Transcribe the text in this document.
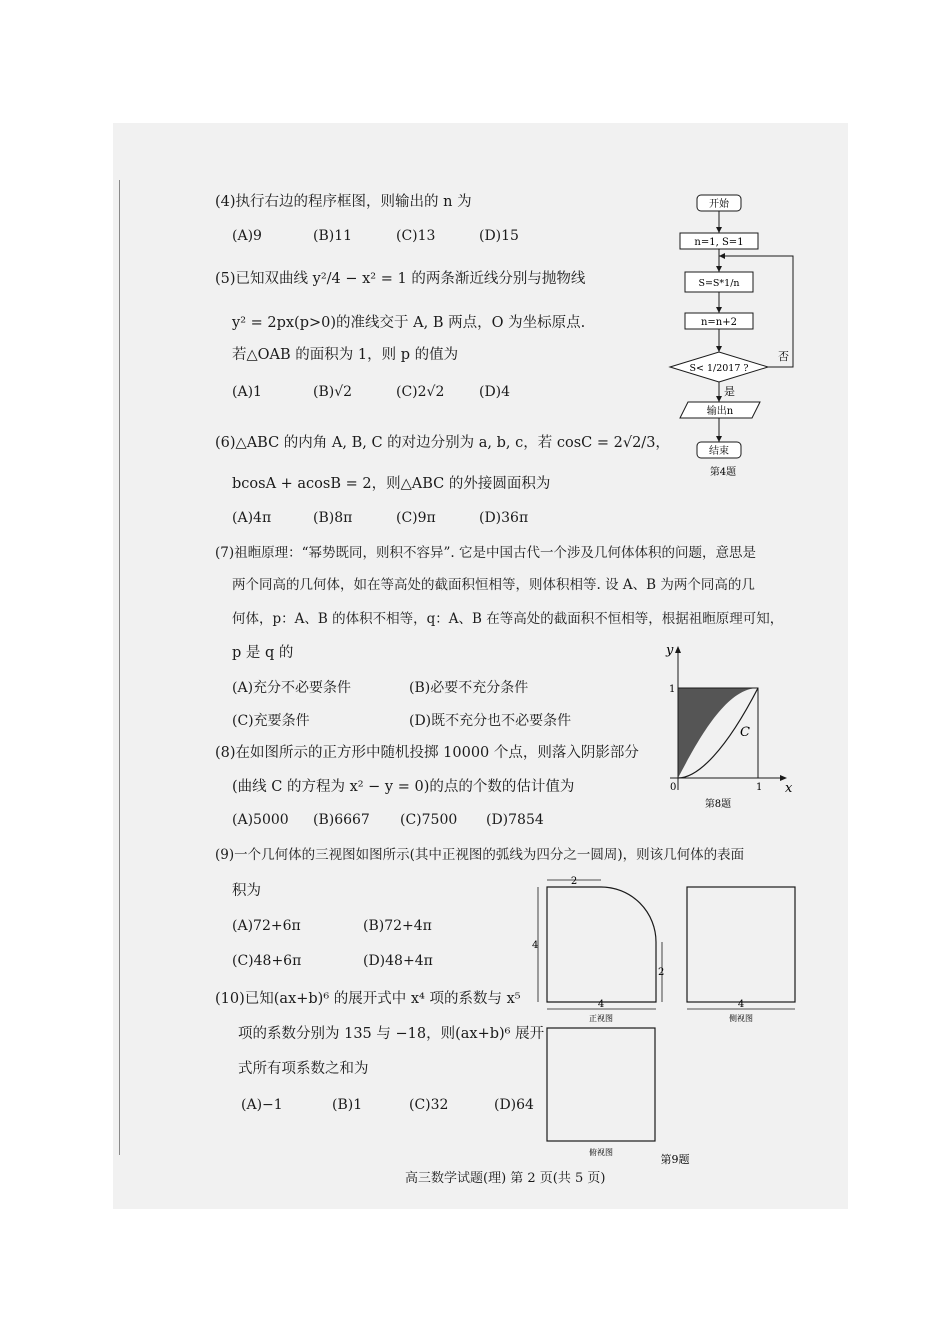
(4)执行右边的程序框图，则输出的 n 为
(A)9	(B)11	(C)13	(D)15
(5)已知双曲线 y²/4 − x² = 1 的两条渐近线分别与抛物线
y² = 2px(p>0)的准线交于 A, B 两点，O 为坐标原点.
若△OAB 的面积为 1，则 p 的值为
(A)1	(B)√2	(C)2√2 (D)4
(6)△ABC 的内角 A, B, C 的对边分别为 a, b, c，若 cosC = 2√2/3，
bcosA + acosB = 2，则△ABC 的外接圆面积为
(A)4π	(B)8π	(C)9π	(D)36π
(7)祖暅原理：“幂势既同，则积不容异”. 它是中国古代一个涉及几何体体积的问题，意思是
两个同高的几何体，如在等高处的截面积恒相等，则体积相等. 设 A、B 为两个同高的几
何体，p：A、B 的体积不相等，q：A、B 在等高处的截面积不恒相等，根据祖暅原理可知，
p 是 q 的
(A)充分不必要条件	(B)必要不充分条件
(C)充要条件	(D)既不充分也不必要条件
(8)在如图所示的正方形中随机投掷 10000 个点，则落入阴影部分
(曲线 C 的方程为 x² − y = 0)的点的个数的估计值为
(A)5000 (B)6667 (C)7500 (D)7854
(9)一个几何体的三视图如图所示(其中正视图的弧线为四分之一圆周)，则该几何体的表面
积为
(A)72+6π	(B)72+4π
(C)48+6π	(D)48+4π
(10)已知(ax+b)⁶ 的展开式中 x⁴ 项的系数与 x⁵
项的系数分别为 135 与 −18，则(ax+b)⁶ 展开
式所有项系数之和为
(A)−1	(B)1	(C)32	(D)64
开始
n=1, S=1
S=S*1/n
n=n+2
S< 1/2017 ?
否
是
输出n
结束
第4题
y
x
1
1
0
C
第8题
2
4
2
4	4
正视图	侧视图
俯视图
第9题
高三数学试题(理) 第 2 页(共 5 页)
